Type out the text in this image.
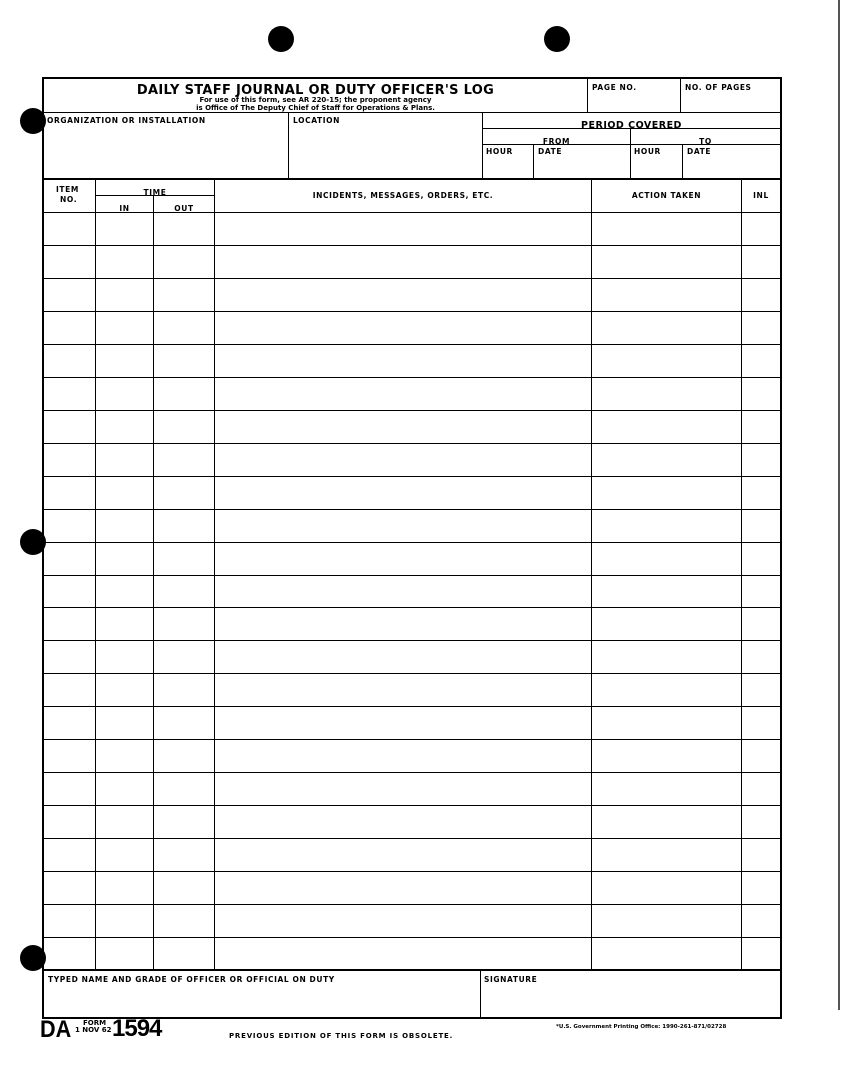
DAILY STAFF JOURNAL OR DUTY OFFICER'S LOG
For use of this form, see AR 220-15; the proponent agency
is Office of The Deputy Chief of Staff for Operations & Plans.
PAGE NO.	NO. OF PAGES
ORGANIZATION OR INSTALLATION	LOCATION	PERIOD COVERED
FROM	TO
HOUR	DATE	HOUR	DATE
ITEM
NO.
TIME
IN	OUT
INCIDENTS, MESSAGES, ORDERS, ETC.	ACTION TAKEN	INL
TYPED NAME AND GRADE OF OFFICER OR OFFICIAL ON DUTY	SIGNATURE
DA	FORM
1 NOV 62 1594	PREVIOUS EDITION OF THIS FORM IS OBSOLETE.
*U.S. Government Printing Office: 1990-261-871/02728
